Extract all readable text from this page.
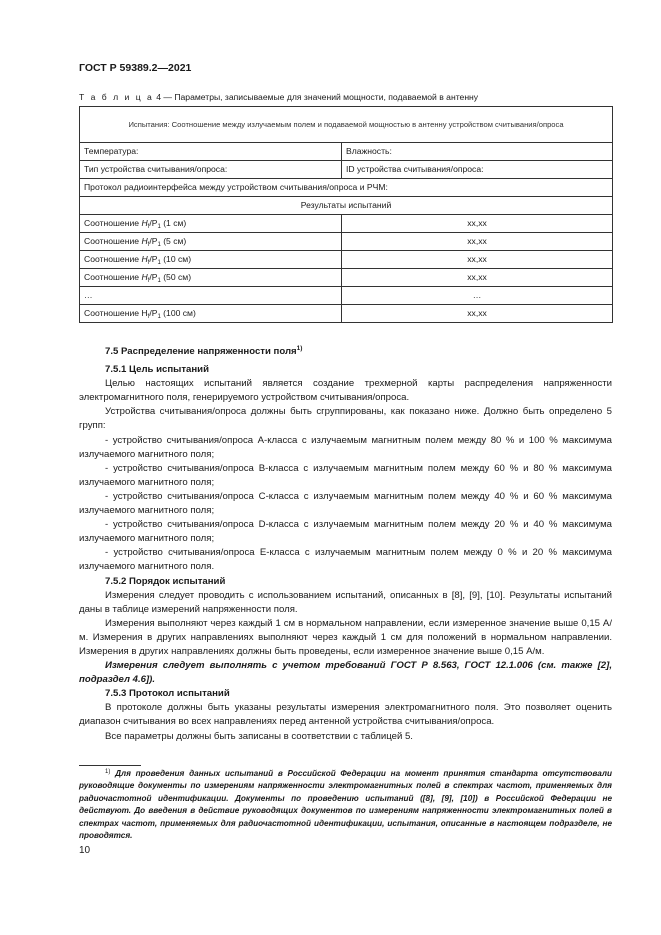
ГОСТ Р 59389.2—2021
Т а б л и ц а 4 — Параметры, записываемые для значений мощности, подаваемой в антенну
Испытания: Соотношение между излучаемым полем и подаваемой мощностью в антенну устройством считывания/опроса	
Температура:	Влажность:
Тип устройства считывания/опроса:	ID устройства считывания/опроса:
Протокол радиоинтерфейса между устройством считывания/опроса и РЧМ:	
Результаты испытаний	
Соотношение $H_f/P_1$ (1 см)	xx,xx
Соотношение $H_f/P_1$ (5 см)	xx,xx
Соотношение $H_f/P_1$ (10 см)	xx,xx
Соотношение $H_f/P_1$ (50 см)	xx,xx
…	…
Соотношение $H_f/P_1$ (100 см)	xx,xx

7.5 Распределение напряженности поля$^{1)}$

7.5.1 Цель испытаний

Целью настоящих испытаний является создание трехмерной карты распределения напряженности электромагнитного поля, генерируемого устройством считывания/опроса.

Устройства считывания/опроса должны быть сгруппированы, как показано ниже. Должно быть определено 5 групп:

- устройство считывания/опроса A-класса с излучаемым магнитным полем между 80 % и 100 % максимума излучаемого магнитного поля;

- устройство считывания/опроса B-класса с излучаемым магнитным полем между 60 % и 80 % максимума излучаемого магнитного поля;

- устройство считывания/опроса C-класса с излучаемым магнитным полем между 40 % и 60 % максимума излучаемого магнитного поля;

- устройство считывания/опроса D-класса с излучаемым магнитным полем между 20 % и 40 % максимума излучаемого магнитного поля;

- устройство считывания/опроса E-класса с излучаемым магнитным полем между 0 % и 20 % максимума излучаемого магнитного поля.

7.5.2 Порядок испытаний

Измерения следует проводить с использованием испытаний, описанных в [8], [9], [10]. Результаты испытаний даны в таблице измерений напряженности поля.

Измерения выполняют через каждый 1 см в нормальном направлении, если измеренное значение выше 0,15 А/м. Измерения в других направлениях выполняют через каждый 1 см для положений в нормальном направлении. Измерения в других направлениях должны быть проведены, если измеренное значение выше 0,15 А/м.

Измерения следует выполнять с учетом требований ГОСТ Р 8.563, ГОСТ 12.1.006 (см. также [2], подраздел 4.6]).

7.5.3 Протокол испытаний

В протоколе должны быть указаны результаты измерения электромагнитного поля. Это позволяет оценить диапазон считывания во всех направлениях перед антенной устройства считывания/опроса.

Все параметры должны быть записаны в соответствии с таблицей 5.

$^{1)}$ Для проведения данных испытаний в Российской Федерации на момент принятия стандарта отсутствовали руководящие документы по измерениям напряженности электромагнитных полей в спектрах частот, применяемых для радиочастотной идентификации. Документы по проведению испытаний ([8], [9], [10]) в Российской Федерации не действуют. До введения в действие руководящих документов по измерениям напряженности электромагнитных полей в спектрах частот, применяемых для радиочастотной идентификации, испытания, описанные в настоящем подразделе, не проводятся.
10
